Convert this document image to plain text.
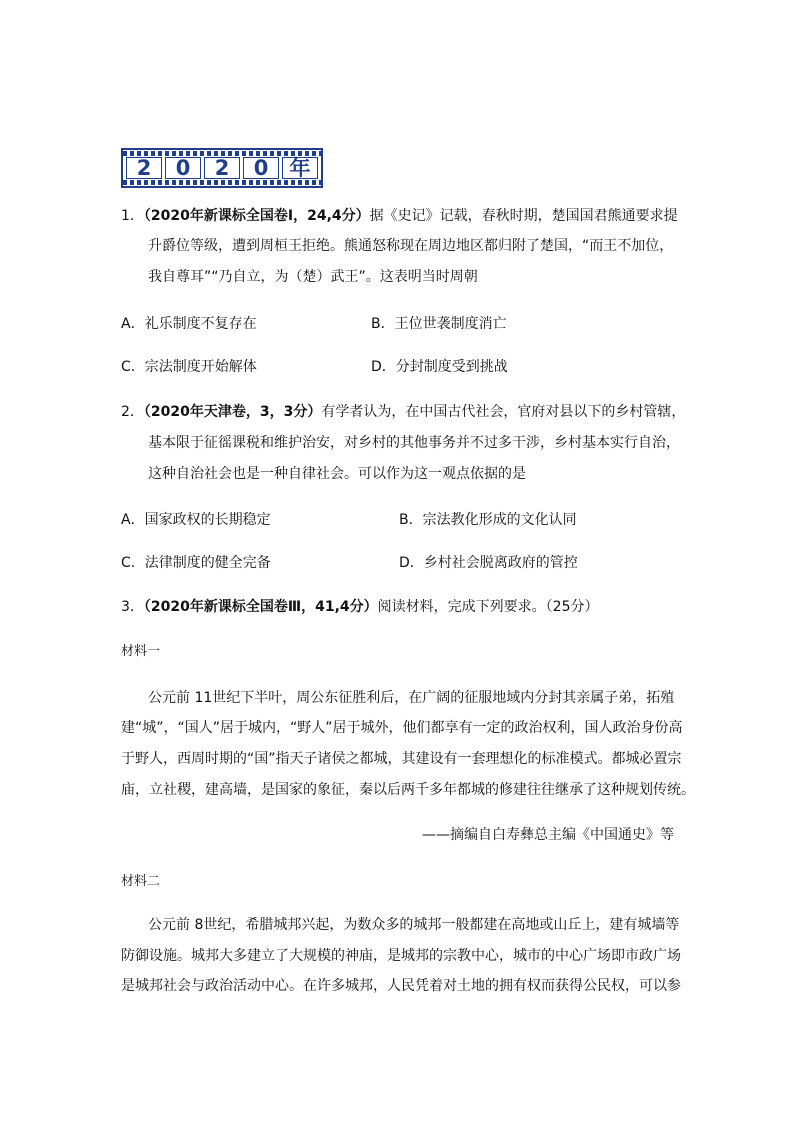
2	0	2	0	年
1．（2020年新课标全国卷Ⅰ，24,4分）据《史记》记载，春秋时期，楚国国君熊通要求提
升爵位等级，遭到周桓王拒绝。熊通怒称现在周边地区都归附了楚国，“而王不加位，
我自尊耳”“乃自立，为（楚）武王”。这表明当时周朝
A．礼乐制度不复存在	B．王位世袭制度消亡
C．宗法制度开始解体	D．分封制度受到挑战
2．（2020年天津卷，3，3分）有学者认为，在中国古代社会，官府对县以下的乡村管辖，
基本限于征徭课税和维护治安，对乡村的其他事务并不过多干涉，乡村基本实行自治，
这种自治社会也是一种自律社会。可以作为这一观点依据的是
A．国家政权的长期稳定	B．宗法教化形成的文化认同
C．法律制度的健全完备	D．乡村社会脱离政府的管控
3．（2020年新课标全国卷Ⅲ，41,4分）阅读材料，完成下列要求。（25分）
材料一
公元前 11世纪下半叶，周公东征胜利后，在广阔的征服地域内分封其亲属子弟，拓殖
建“城”，“国人”居于城内，“野人”居于城外，他们都享有一定的政治权利，国人政治身份高
于野人，西周时期的“国”指天子诸侯之都城，其建设有一套理想化的标准模式。都城必置宗
庙，立社稷，建高墙，是国家的象征，秦以后两千多年都城的修建往往继承了这种规划传统。
——摘编自白寿彝总主编《中国通史》等
材料二
公元前 8世纪，希腊城邦兴起，为数众多的城邦一般都建在高地或山丘上，建有城墙等
防御设施。城邦大多建立了大规模的神庙，是城邦的宗教中心，城市的中心广场即市政广场
是城邦社会与政治活动中心。在许多城邦，人民凭着对土地的拥有权而获得公民权，可以参
